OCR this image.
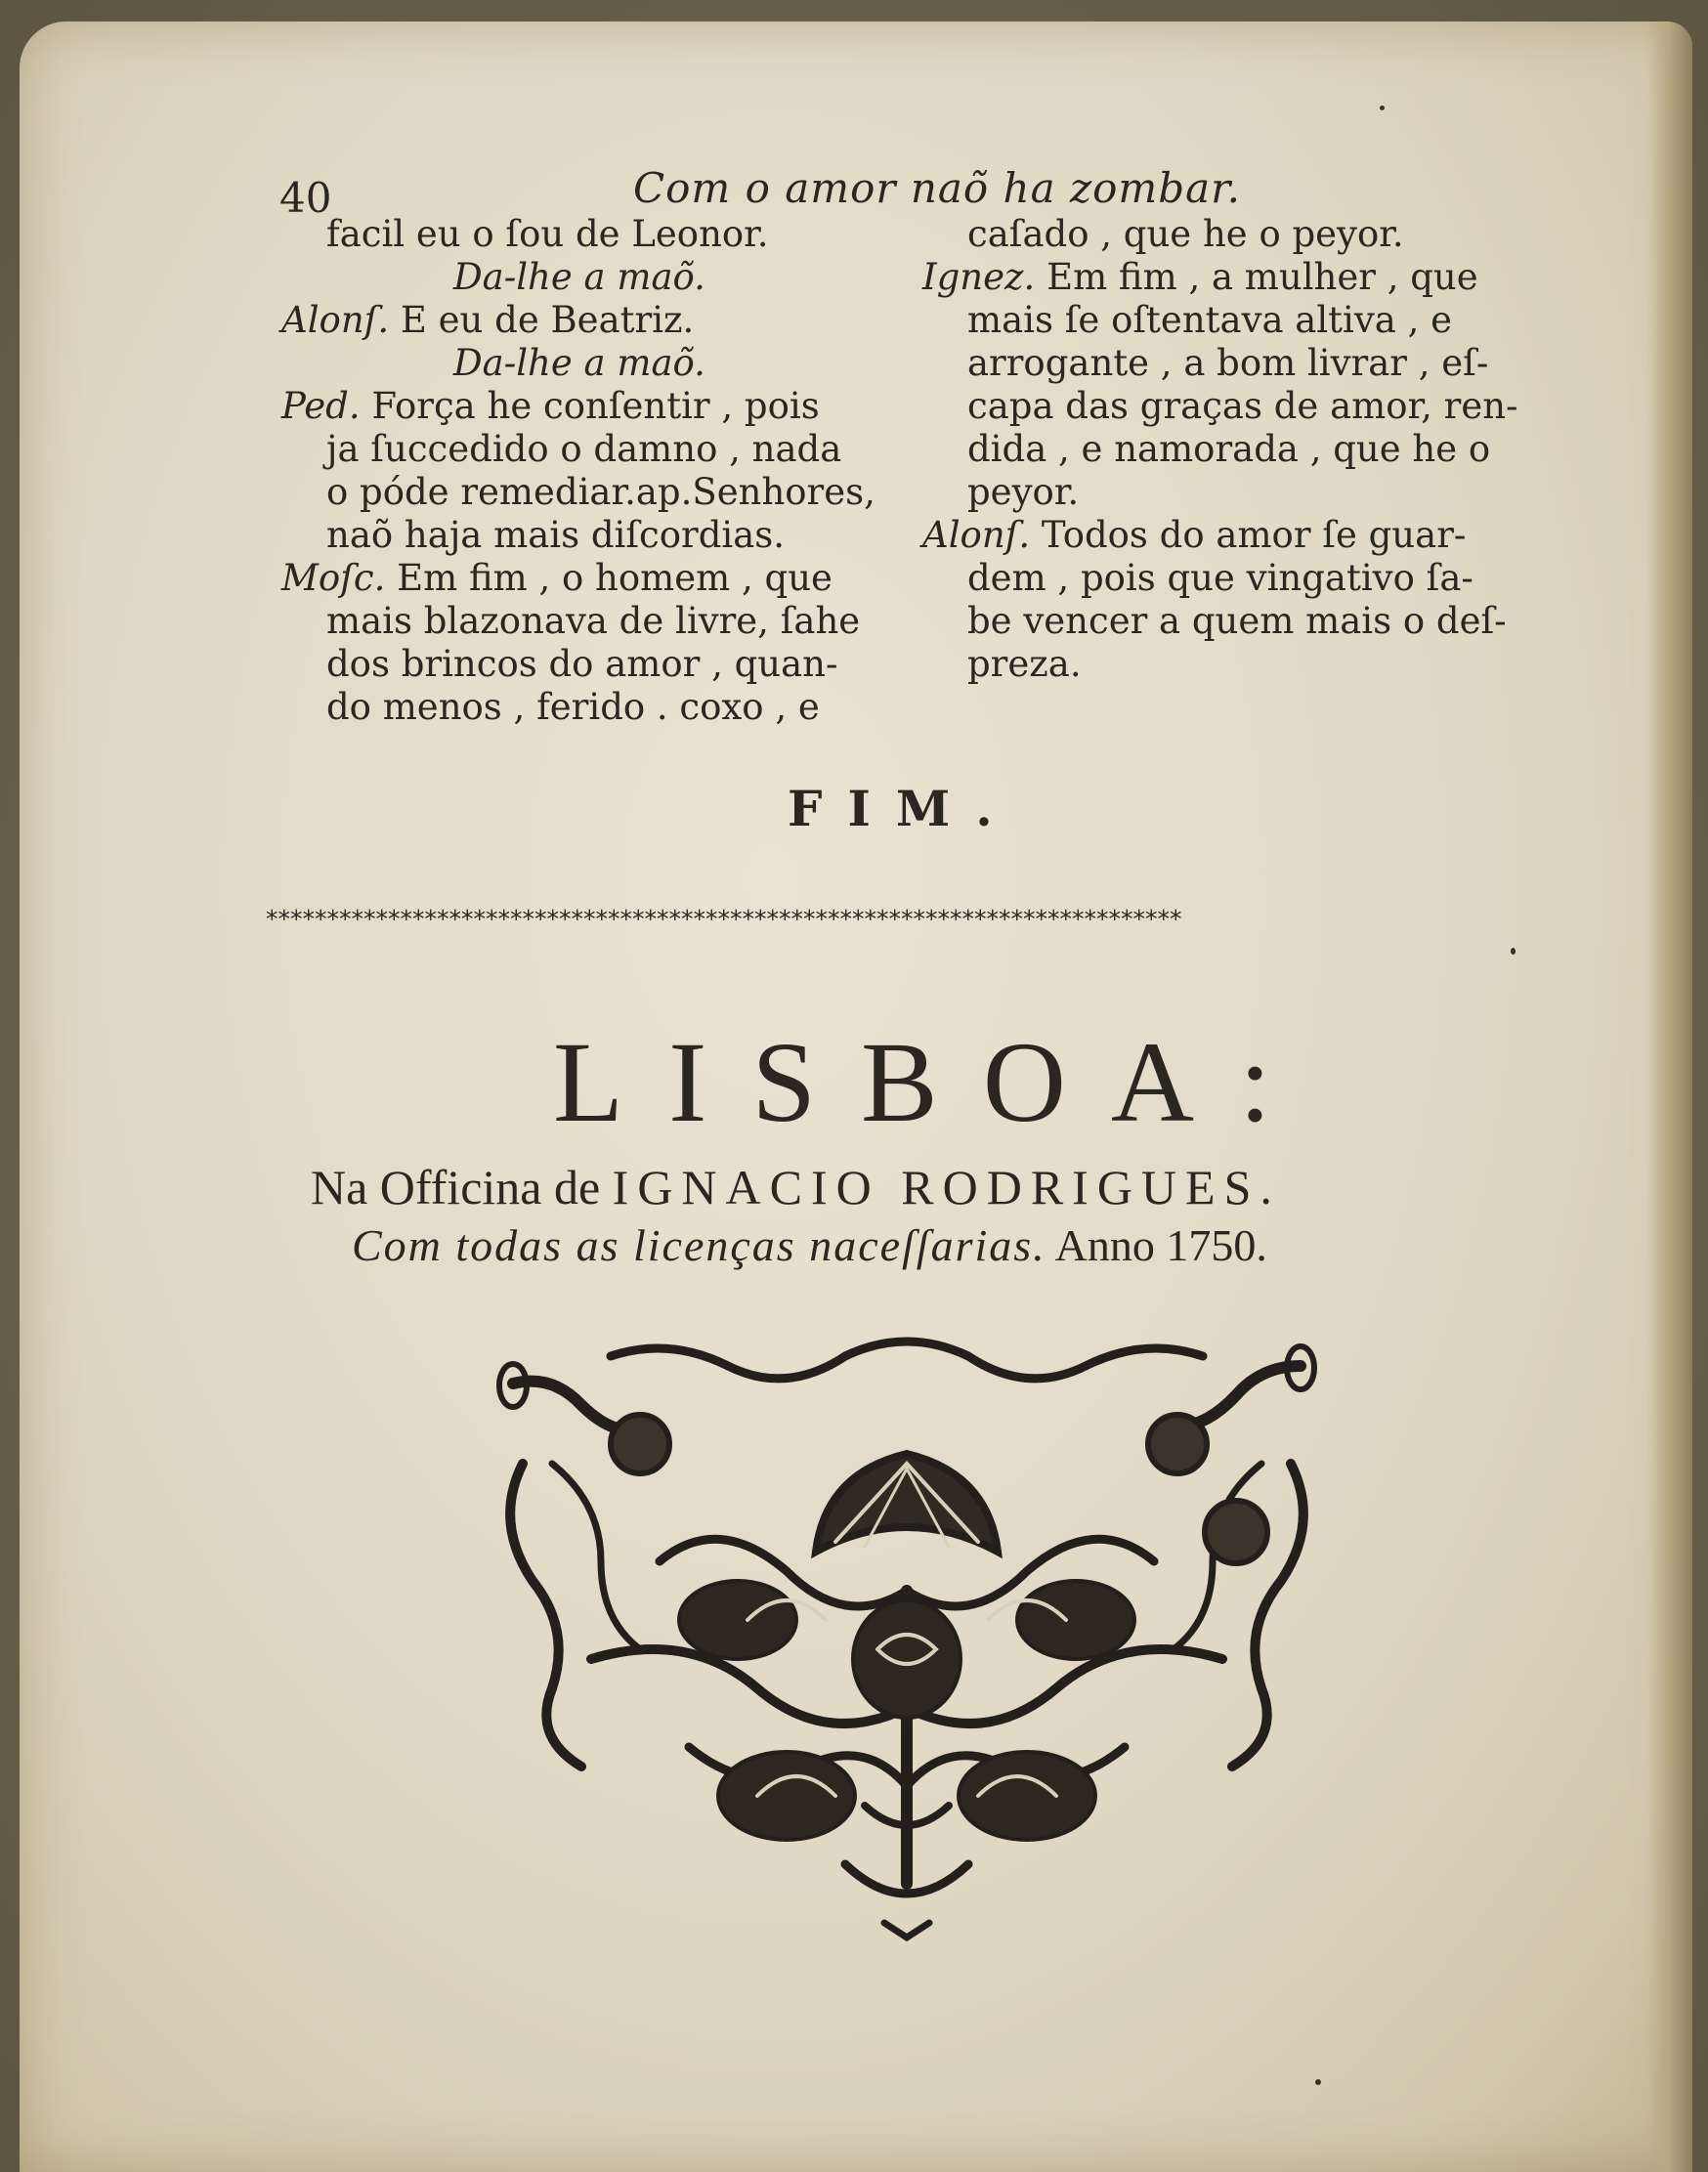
40	Com o amor naõ ha zombar.
facil eu o ſou de Leonor.
Da-lhe a maõ.
Alonſ. E eu de Beatriz.
Da-lhe a maõ.
Ped. Força he conſentir , pois
ja ſuccedido o damno , nada
o póde remediar.ap.Senhores,
naõ haja mais diſcordias.
Moſc. Em fim , o homem , que
mais blazonava de livre, ſahe
dos brincos do amor , quan-
do menos , ferido . coxo , e
caſado , que he o peyor.
Ignez. Em fim , a mulher , que
mais ſe oſtentava altiva , e
arrogante , a bom livrar , eſ-
capa das graças de amor, ren-
dida , e namorada , que he o
peyor.
Alonſ. Todos do amor ſe guar-
dem , pois que vingativo ſa-
be vencer a quem mais o deſ-
preza.
FIM.
***************************************************************************
LISBOA:
Na Officina de IGNACIO RODRIGUES.
Com todas as licenças naceſſarias. Anno 1750.
